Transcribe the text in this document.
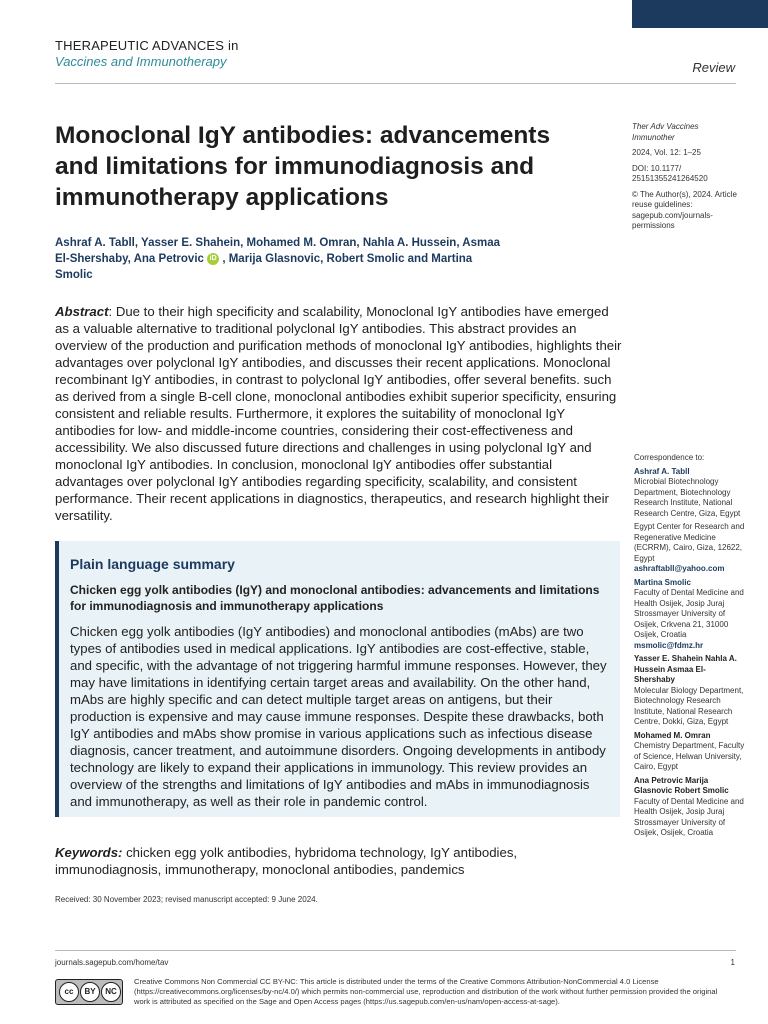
THERAPEUTIC ADVANCES in
Vaccines and Immunotherapy	Review
Monoclonal IgY antibodies: advancements and limitations for immunodiagnosis and immunotherapy applications
Ashraf A. Tabll, Yasser E. Shahein, Mohamed M. Omran, Nahla A. Hussein, Asmaa El-Shershaby, Ana Petrovic iD , Marija Glasnovic, Robert Smolic and Martina Smolic
Abstract: Due to their high specificity and scalability, Monoclonal IgY antibodies have emerged as a valuable alternative to traditional polyclonal IgY antibodies. This abstract provides an overview of the production and purification methods of monoclonal IgY antibodies, highlights their advantages over polyclonal IgY antibodies, and discusses their recent applications. Monoclonal recombinant IgY antibodies, in contrast to polyclonal IgY antibodies, offer several benefits. such as derived from a single B-cell clone, monoclonal antibodies exhibit superior specificity, ensuring consistent and reliable results. Furthermore, it explores the suitability of monoclonal IgY antibodies for low- and middle-income countries, considering their cost-effectiveness and accessibility. We also discussed future directions and challenges in using polyclonal IgY and monoclonal IgY antibodies. In conclusion, monoclonal IgY antibodies offer substantial advantages over polyclonal IgY antibodies regarding specificity, scalability, and consistent performance. Their recent applications in diagnostics, therapeutics, and research highlight their versatility.
Plain language summary
Chicken egg yolk antibodies (IgY) and monoclonal antibodies: advancements and limitations for immunodiagnosis and immunotherapy applications
Chicken egg yolk antibodies (IgY antibodies) and monoclonal antibodies (mAbs) are two types of antibodies used in medical applications. IgY antibodies are cost-effective, stable, and specific, with the advantage of not triggering harmful immune responses. However, they may have limitations in identifying certain target areas and availability. On the other hand, mAbs are highly specific and can detect multiple target areas on antigens, but their production is expensive and may cause immune responses. Despite these drawbacks, both IgY antibodies and mAbs show promise in various applications such as infectious disease diagnosis, cancer treatment, and autoimmune disorders. Ongoing developments in antibody technology are likely to expand their applications in immunology. This review provides an overview of the strengths and limitations of IgY antibodies and mAbs in immunodiagnosis and immunotherapy, as well as their role in pandemic control.
Keywords: chicken egg yolk antibodies, hybridoma technology, IgY antibodies, immunodiagnosis, immunotherapy, monoclonal antibodies, pandemics
Received: 30 November 2023; revised manuscript accepted: 9 June 2024.

Ther Adv Vaccines Immunother

2024, Vol. 12: 1–25

DOI: 10.1177/ 25151355241264520

© The Author(s), 2024. Article reuse guidelines: sagepub.com/journals-permissions

Correspondence to:

Ashraf A. Tabll

Microbial Biotechnology Department, Biotechnology Research Institute, National Research Centre, Giza, Egypt

Egypt Center for Research and Regenerative Medicine (ECRRM), Cairo, Giza, 12622, Egypt

ashraftabll@yahoo.com

Martina Smolic

Faculty of Dental Medicine and Health Osijek, Josip Juraj Strossmayer University of Osijek, Crkvena 21, 31000 Osijek, Croatia

msmolic@fdmz.hr

Yasser E. Shahein Nahla A. Hussein Asmaa El-Shershaby

Molecular Biology Department, Biotechnology Research Institute, National Research Centre, Dokki, Giza, Egypt

Mohamed M. Omran

Chemistry Department, Faculty of Science, Helwan University, Cairo, Egypt

Ana Petrovic Marija Glasnovic Robert Smolic

Faculty of Dental Medicine and Health Osijek, Josip Juraj Strossmayer University of Osijek, Osijek, Croatia

journals.sagepub.com/home/tav	1
cc	BY	NC
Creative Commons Non Commercial CC BY-NC: This article is distributed under the terms of the Creative Commons Attribution-NonCommercial 4.0 License (https://creativecommons.org/licenses/by-nc/4.0/) which permits non-commercial use, reproduction and distribution of the work without further permission provided the original work is attributed as specified on the Sage and Open Access pages (https://us.sagepub.com/en-us/nam/open-access-at-sage).
